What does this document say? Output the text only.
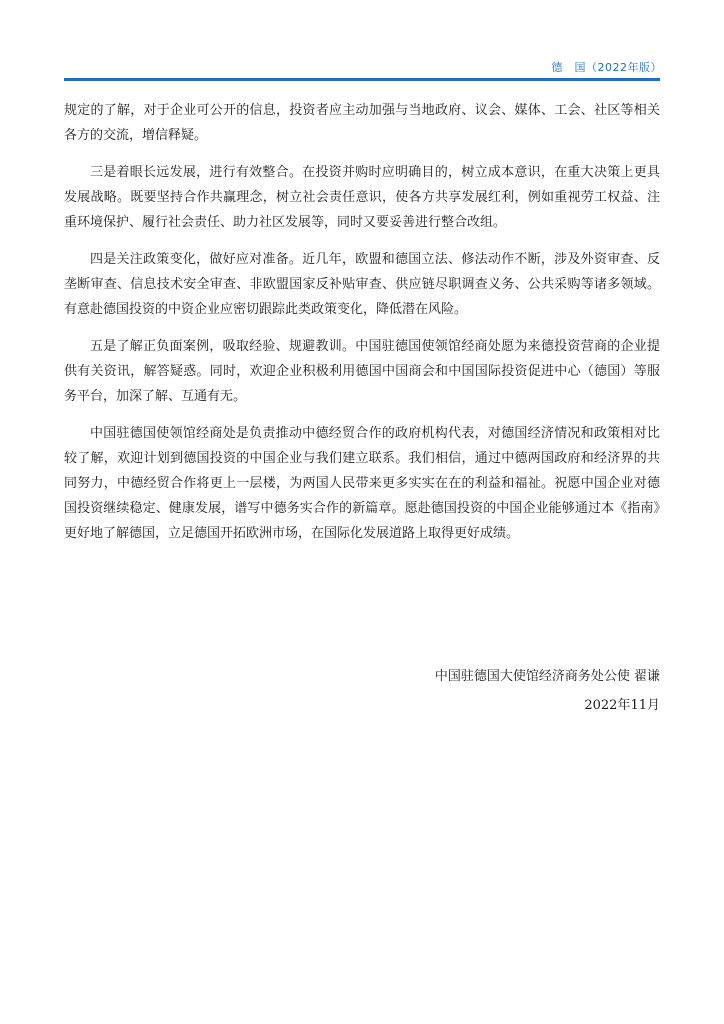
德　国（2022年版）

规定的了解，对于企业可公开的信息，投资者应主动加强与当地政府、议会、媒体、工会、社区等相关各方的交流，增信释疑。

三是着眼长远发展，进行有效整合。在投资并购时应明确目的，树立成本意识，在重大决策上更具发展战略。既要坚持合作共赢理念，树立社会责任意识，使各方共享发展红利，例如重视劳工权益、注重环境保护、履行社会责任、助力社区发展等，同时又要妥善进行整合改组。

四是关注政策变化，做好应对准备。近几年，欧盟和德国立法、修法动作不断，涉及外资审查、反垄断审查、信息技术安全审查、非欧盟国家反补贴审查、供应链尽职调查义务、公共采购等诸多领域。有意赴德国投资的中资企业应密切跟踪此类政策变化，降低潜在风险。

五是了解正负面案例，吸取经验、规避教训。中国驻德国使领馆经商处愿为来德投资营商的企业提供有关资讯，解答疑惑。同时，欢迎企业积极利用德国中国商会和中国国际投资促进中心（德国）等服务平台，加深了解、互通有无。

中国驻德国使领馆经商处是负责推动中德经贸合作的政府机构代表，对德国经济情况和政策相对比较了解，欢迎计划到德国投资的中国企业与我们建立联系。我们相信，通过中德两国政府和经济界的共同努力，中德经贸合作将更上一层楼，为两国人民带来更多实实在在的利益和福祉。祝愿中国企业对德国投资继续稳定、健康发展，谱写中德务实合作的新篇章。愿赴德国投资的中国企业能够通过本《指南》更好地了解德国，立足德国开拓欧洲市场，在国际化发展道路上取得更好成绩。

中国驻德国大使馆经济商务处公使 翟谦
2022年11月
